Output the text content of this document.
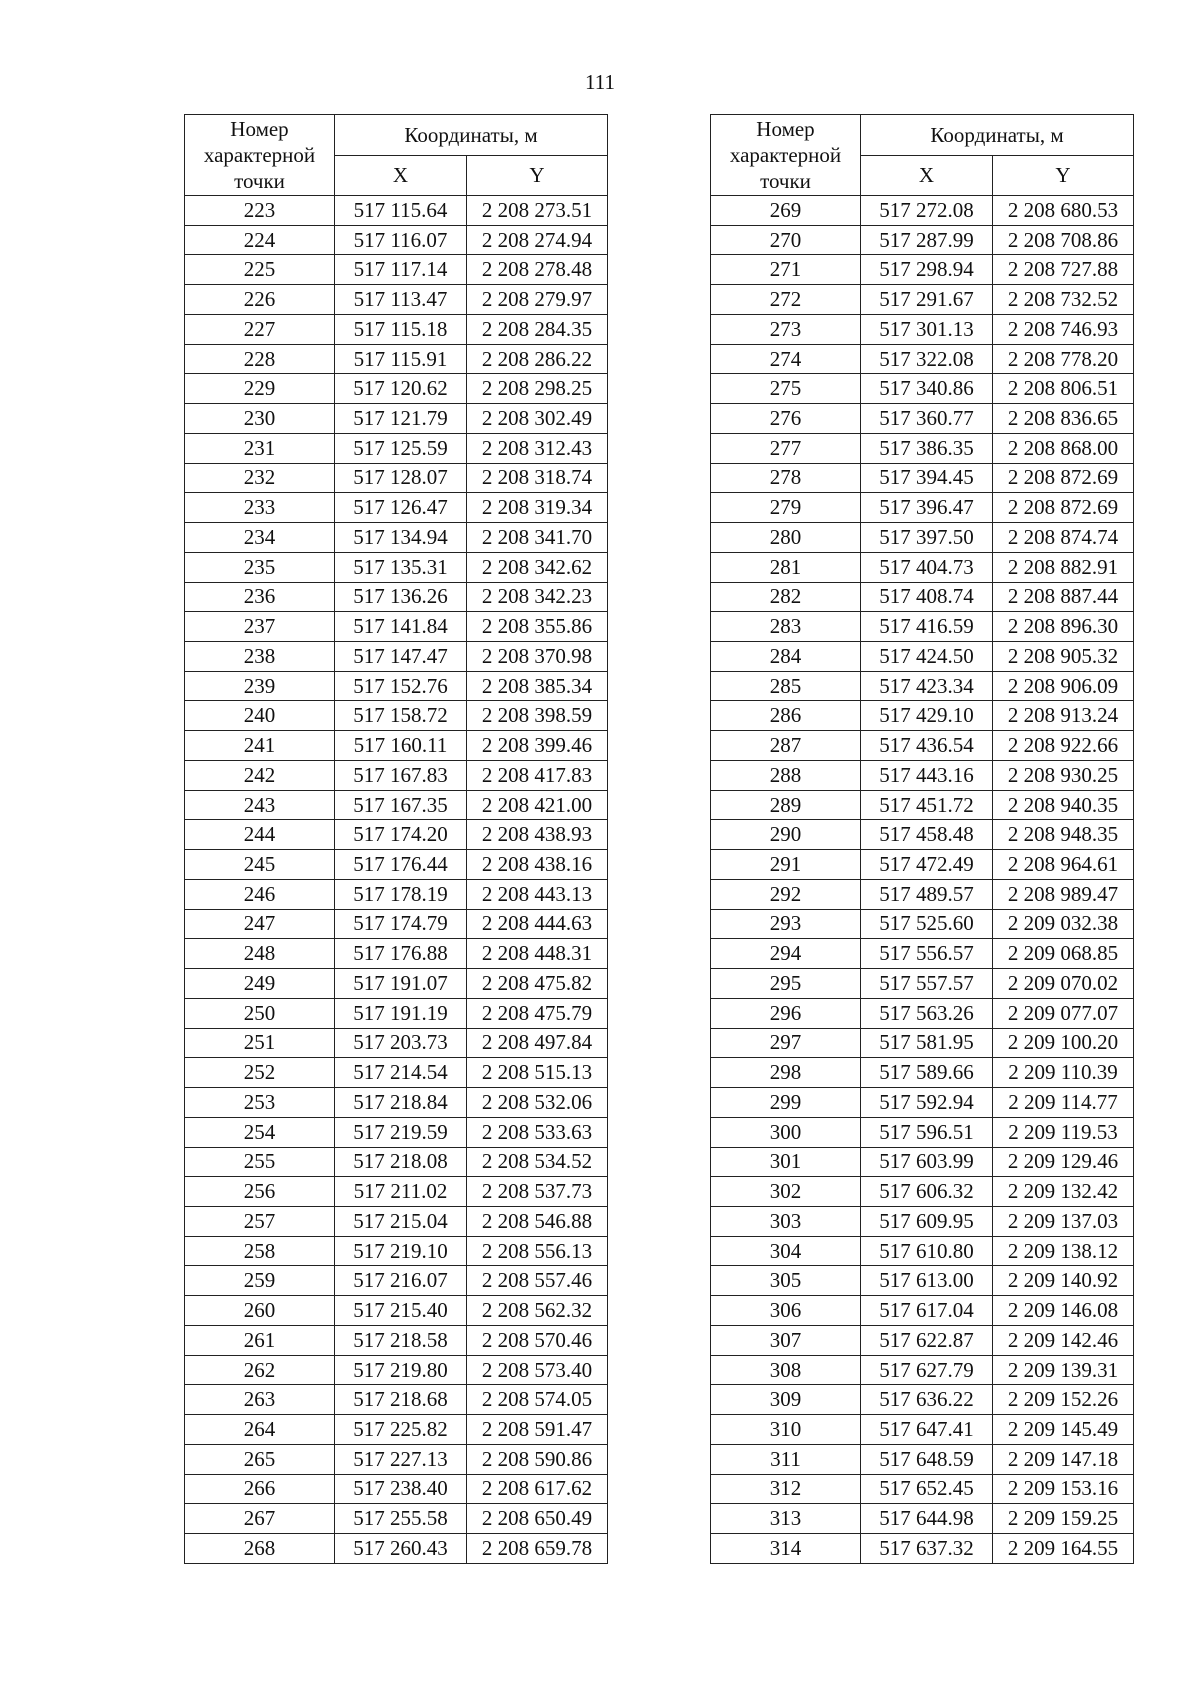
111
Номер характерной точки	Координаты, м	
	X	Y
223	517 115.64	2 208 273.51
224	517 116.07	2 208 274.94
225	517 117.14	2 208 278.48
226	517 113.47	2 208 279.97
227	517 115.18	2 208 284.35
228	517 115.91	2 208 286.22
229	517 120.62	2 208 298.25
230	517 121.79	2 208 302.49
231	517 125.59	2 208 312.43
232	517 128.07	2 208 318.74
233	517 126.47	2 208 319.34
234	517 134.94	2 208 341.70
235	517 135.31	2 208 342.62
236	517 136.26	2 208 342.23
237	517 141.84	2 208 355.86
238	517 147.47	2 208 370.98
239	517 152.76	2 208 385.34
240	517 158.72	2 208 398.59
241	517 160.11	2 208 399.46
242	517 167.83	2 208 417.83
243	517 167.35	2 208 421.00
244	517 174.20	2 208 438.93
245	517 176.44	2 208 438.16
246	517 178.19	2 208 443.13
247	517 174.79	2 208 444.63
248	517 176.88	2 208 448.31
249	517 191.07	2 208 475.82
250	517 191.19	2 208 475.79
251	517 203.73	2 208 497.84
252	517 214.54	2 208 515.13
253	517 218.84	2 208 532.06
254	517 219.59	2 208 533.63
255	517 218.08	2 208 534.52
256	517 211.02	2 208 537.73
257	517 215.04	2 208 546.88
258	517 219.10	2 208 556.13
259	517 216.07	2 208 557.46
260	517 215.40	2 208 562.32
261	517 218.58	2 208 570.46
262	517 219.80	2 208 573.40
263	517 218.68	2 208 574.05
264	517 225.82	2 208 591.47
265	517 227.13	2 208 590.86
266	517 238.40	2 208 617.62
267	517 255.58	2 208 650.49
268	517 260.43	2 208 659.78
Номер характерной точки	Координаты, м	
	X	Y
269	517 272.08	2 208 680.53
270	517 287.99	2 208 708.86
271	517 298.94	2 208 727.88
272	517 291.67	2 208 732.52
273	517 301.13	2 208 746.93
274	517 322.08	2 208 778.20
275	517 340.86	2 208 806.51
276	517 360.77	2 208 836.65
277	517 386.35	2 208 868.00
278	517 394.45	2 208 872.69
279	517 396.47	2 208 872.69
280	517 397.50	2 208 874.74
281	517 404.73	2 208 882.91
282	517 408.74	2 208 887.44
283	517 416.59	2 208 896.30
284	517 424.50	2 208 905.32
285	517 423.34	2 208 906.09
286	517 429.10	2 208 913.24
287	517 436.54	2 208 922.66
288	517 443.16	2 208 930.25
289	517 451.72	2 208 940.35
290	517 458.48	2 208 948.35
291	517 472.49	2 208 964.61
292	517 489.57	2 208 989.47
293	517 525.60	2 209 032.38
294	517 556.57	2 209 068.85
295	517 557.57	2 209 070.02
296	517 563.26	2 209 077.07
297	517 581.95	2 209 100.20
298	517 589.66	2 209 110.39
299	517 592.94	2 209 114.77
300	517 596.51	2 209 119.53
301	517 603.99	2 209 129.46
302	517 606.32	2 209 132.42
303	517 609.95	2 209 137.03
304	517 610.80	2 209 138.12
305	517 613.00	2 209 140.92
306	517 617.04	2 209 146.08
307	517 622.87	2 209 142.46
308	517 627.79	2 209 139.31
309	517 636.22	2 209 152.26
310	517 647.41	2 209 145.49
311	517 648.59	2 209 147.18
312	517 652.45	2 209 153.16
313	517 644.98	2 209 159.25
314	517 637.32	2 209 164.55
